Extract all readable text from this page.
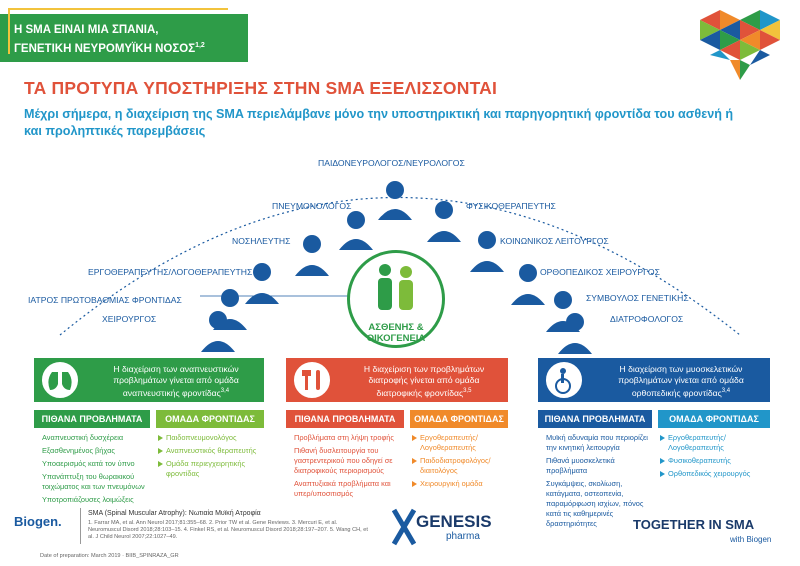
Η SMA ΕΙΝΑΙ ΜΙΑ ΣΠΑΝΙΑ,
ΓΕΝΕΤΙΚΗ ΝΕΥΡΟΜΥΪΚΗ ΝΟΣΟΣ$^{1,2}$
ΤΑ ΠΡΟΤΥΠΑ ΥΠΟΣΤΗΡΙΞΗΣ ΣΤΗΝ SMA ΕΞΕΛΙΣΣΟΝΤΑΙ
Μέχρι σήμερα, η διαχείριση της SMA περιελάμβανε μόνο την υποστηρικτική και παρηγορητική φροντίδα του ασθενή ή και προληπτικές παρεμβάσεις
ΠΑΙΔΟΝΕΥΡΟΛΟΓΟΣ/ΝΕΥΡΟΛΟΓΟΣ
ΠΝΕΥΜΟΝΟΛΟΓΟΣ	ΦΥΣΙΚΟΘΕΡΑΠΕΥΤΗΣ
ΝΟΣΗΛΕΥΤΗΣ	ΚΟΙΝΩΝΙΚΟΣ ΛΕΙΤΟΥΡΓΟΣ
ΕΡΓΟΘΕΡΑΠΕΥΤΗΣ/ΛΟΓΟΘΕΡΑΠΕΥΤΗΣ	ΟΡΘΟΠΕΔΙΚΟΣ ΧΕΙΡΟΥΡΓΟΣ
ΙΑΤΡΟΣ ΠΡΩΤΟΒΑΘΜΙΑΣ ΦΡΟΝΤΙΔΑΣ	ΣΥΜΒΟΥΛΟΣ ΓΕΝΕΤΙΚΗΣ
ΧΕΙΡΟΥΡΓΟΣ	ΔΙΑΤΡΟΦΟΛΟΓΟΣ
ΑΣΘΕΝΗΣ &
ΟΙΚΟΓΕΝΕΙΑ
Η διαχείριση των αναπνευστικών προβλημάτων γίνεται από ομάδα αναπνευστικής φροντίδας$^{3,4}$
ΠΙΘΑΝΑ ΠΡΟΒΛΗΜΑΤΑ	ΟΜΑΔΑ ΦΡΟΝΤΙΔΑΣ
Αναπνευστική δυσχέρεια
Εξασθενημένος βήχας
Υποαερισμός κατά τον ύπνο
Υπανάπτυξη του θωρακικού τοιχώματος και των πνευμόνων
Υποτροπιάζουσες λοιμώξεις
Παιδοπνευμονολόγος
Αναπνευστικός θεραπευτής
Ομάδα περιεγχειρητικής φροντίδας
Η διαχείριση των προβλημάτων διατροφής γίνεται από ομάδα διατροφικής φροντίδας$^{3,5}$
ΠΙΘΑΝΑ ΠΡΟΒΛΗΜΑΤΑ	ΟΜΑΔΑ ΦΡΟΝΤΙΔΑΣ
Προβλήματα στη λήψη τροφής
Πιθανή δυσλειτουργία του γαστρεντερικού που οδηγεί σε διατροφικούς περιορισμούς
Αναπτυξιακά προβλήματα και υπερ/υποσιτισμός
Εργοθεραπευτής/ Λογοθεραπευτής
Παιδοδιατροφολόγος/ διαιτολόγος
Χειρουργική ομάδα
Η διαχείριση των μυοσκελετικών προβλημάτων γίνεται από ομάδα ορθοπεδικής φροντίδας$^{3,4}$
ΠΙΘΑΝΑ ΠΡΟΒΛΗΜΑΤΑ	ΟΜΑΔΑ ΦΡΟΝΤΙΔΑΣ
Μυϊκή αδυναμία που περιορίζει την κινητική λειτουργία
Πιθανά μυοσκελετικά προβλήματα
Συγκάμψεις, σκολίωση, κατάγματα, οστεοπενία, παραμόρφωση ισχίων, πόνος κατά τις καθημερινές δραστηριότητες
Εργοθεραπευτής/ Λογοθεραπευτής
Φυσικοθεραπευτής
Ορθοπεδικός χειρουργός
Biogen.
SMA (Spinal Muscular Atrophy): Νωτιαία Μυϊκή Ατροφία
1. Farrar MA, et al. Ann Neurol 2017;81:355–68. 2. Prior TW et al. Gene Reviews. 3. Mercuri E, et al. Neuromuscul Disord 2018;28:103–15. 4. Finkel RS, et al. Neuromuscul Disord 2018;28:197–207. 5. Wang CH, et al. J Child Neurol 2007;22:1027–49.
Date of preparation: March 2019 · BIIB_SPINRAZA_GR
GENESIS
pharma
TOGETHER IN SMA
with Biogen
